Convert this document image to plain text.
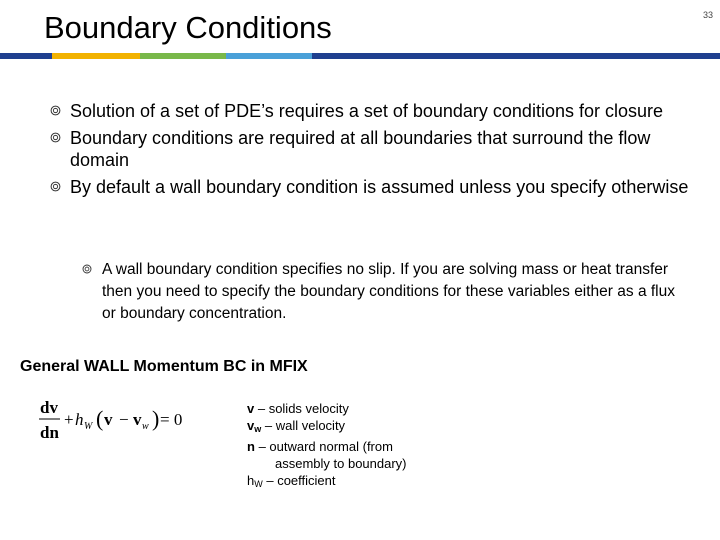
Boundary Conditions	33
Solution of a set of PDE’s requires a set of boundary conditions for closure
Boundary conditions are required at all boundaries that surround the flow domain
By default a wall boundary condition is assumed unless you specify otherwise
A wall boundary condition specifies no slip. If you are solving mass or heat transfer then you need to specify the boundary conditions for these variables either as a flux or boundary concentration.
General WALL Momentum BC in MFIX
dv
dn
+ h W ( v − v w ) = 0
v – solids velocity
$v_w$ – wall velocity
n – outward normal (from
assembly to boundary)
$h_W$ – coefficient
